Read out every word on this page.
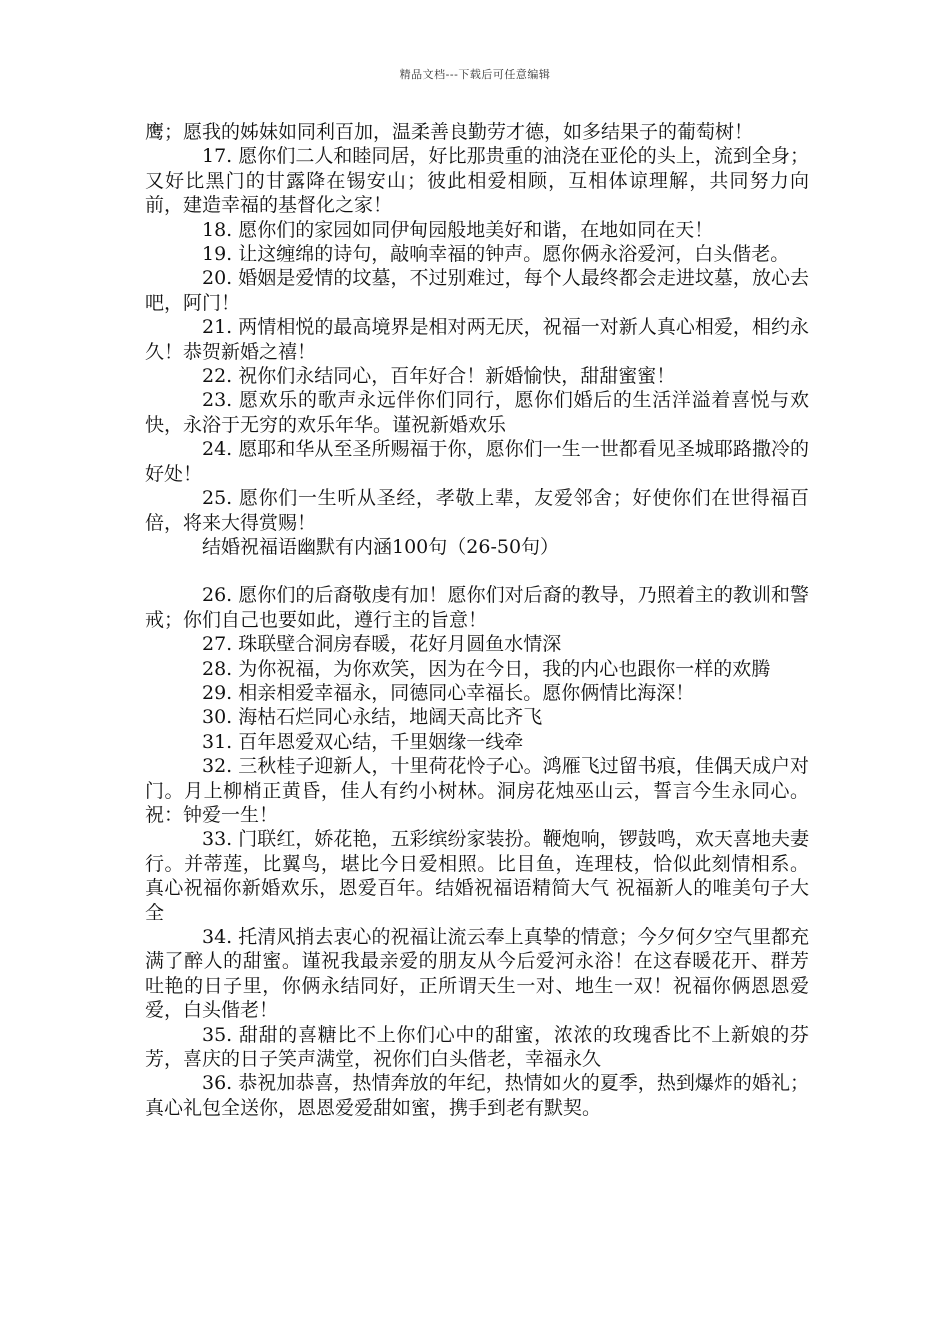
精品文档---下载后可任意编辑

鹰；愿我的姊妹如同利百加，温柔善良勤劳才德，如多结果子的葡萄树！

17. 愿你们二人和睦同居，好比那贵重的油浇在亚伦的头上，流到全身；又好比黑门的甘露降在锡安山；彼此相爱相顾，互相体谅理解，共同努力向前，建造幸福的基督化之家！

18. 愿你们的家园如同伊甸园般地美好和谐，在地如同在天！

19. 让这缠绵的诗句，敲响幸福的钟声。愿你俩永浴爱河，白头偕老。

20. 婚姻是爱情的坟墓，不过别难过，每个人最终都会走进坟墓，放心去吧，阿门！

21. 两情相悦的最高境界是相对两无厌，祝福一对新人真心相爱，相约永久！恭贺新婚之禧！

22. 祝你们永结同心，百年好合！新婚愉快，甜甜蜜蜜！

23. 愿欢乐的歌声永远伴你们同行，愿你们婚后的生活洋溢着喜悦与欢快，永浴于无穷的欢乐年华。谨祝新婚欢乐

24. 愿耶和华从至圣所赐福于你，愿你们一生一世都看见圣城耶路撒冷的好处！

25. 愿你们一生听从圣经，孝敬上辈，友爱邻舍；好使你们在世得福百倍，将来大得赏赐！

结婚祝福语幽默有内涵100句（26-50句）

26. 愿你们的后裔敬虔有加！愿你们对后裔的教导，乃照着主的教训和警戒；你们自己也要如此，遵行主的旨意！

27. 珠联壁合洞房春暖，花好月圆鱼水情深

28. 为你祝福，为你欢笑，因为在今日，我的内心也跟你一样的欢腾

29. 相亲相爱幸福永，同德同心幸福长。愿你俩情比海深！

30. 海枯石烂同心永结，地阔天高比齐飞

31. 百年恩爱双心结，千里姻缘一线牵

32. 三秋桂子迎新人，十里荷花怜子心。鸿雁飞过留书痕，佳偶天成户对门。月上柳梢正黄昏，佳人有约小树林。洞房花烛巫山云，誓言今生永同心。祝：钟爱一生！

33. 门联红，娇花艳，五彩缤纷家装扮。鞭炮响，锣鼓鸣，欢天喜地夫妻行。并蒂莲，比翼鸟，堪比今日爱相照。比目鱼，连理枝，恰似此刻情相系。真心祝福你新婚欢乐，恩爱百年。结婚祝福语精简大气 祝福新人的唯美句子大全

34. 托清风捎去衷心的祝福让流云奉上真挚的情意；今夕何夕空气里都充满了醉人的甜蜜。谨祝我最亲爱的朋友从今后爱河永浴！在这春暖花开、群芳吐艳的日子里，你俩永结同好，正所谓天生一对、地生一双！祝福你俩恩恩爱爱，白头偕老！

35. 甜甜的喜糖比不上你们心中的甜蜜，浓浓的玫瑰香比不上新娘的芬芳，喜庆的日子笑声满堂，祝你们白头偕老，幸福永久

36. 恭祝加恭喜，热情奔放的年纪，热情如火的夏季，热到爆炸的婚礼；真心礼包全送你，恩恩爱爱甜如蜜，携手到老有默契。
